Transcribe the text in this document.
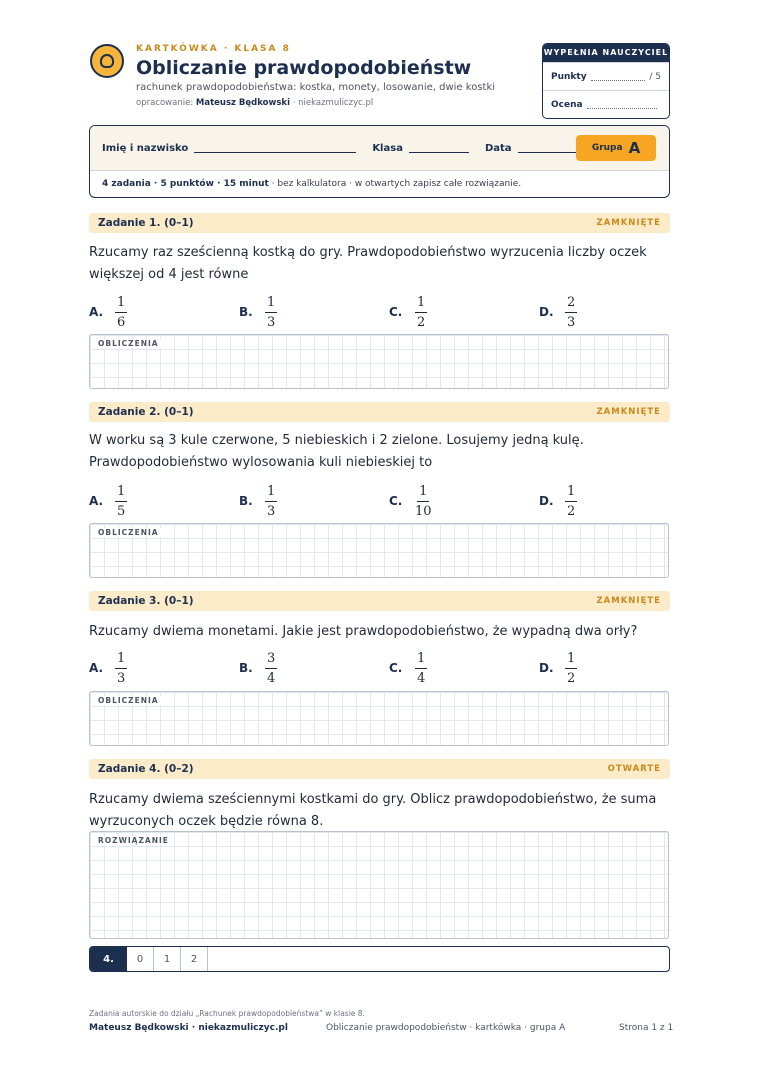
KARTKÓWKA · KLASA 8
Obliczanie prawdopodobieństw
rachunek prawdopodobieństwa: kostka, monety, losowanie, dwie kostki
opracowanie: Mateusz Będkowski · niekazmuliczyc.pl
WYPEŁNIA NAUCZYCIEL
Punkty	/ 5
Ocena
Imię i nazwisko	Klasa	Data	Grupa A
4 zadania · 5 punktów · 15 minut · bez kalkulatora · w otwartych zapisz całe rozwiązanie.
Zadanie 1. (0–1)	ZAMKNIĘTE
Rzucamy raz sześcienną kostką do gry. Prawdopodobieństwo wyrzucenia liczby oczek większej od 4 jest równe
A. $\frac{1}{6}$	B. $\frac{1}{3}$	C. $\frac{1}{2}$	D. $\frac{2}{3}$
OBLICZENIA
Zadanie 2. (0–1)	ZAMKNIĘTE
W worku są 3 kule czerwone, 5 niebieskich i 2 zielone. Losujemy jedną kulę. Prawdopodobieństwo wylosowania kuli niebieskiej to
A. $\frac{1}{5}$	B. $\frac{1}{3}$	C. $\frac{1}{10}$	D. $\frac{1}{2}$
OBLICZENIA
Zadanie 3. (0–1)	ZAMKNIĘTE
Rzucamy dwiema monetami. Jakie jest prawdopodobieństwo, że wypadną dwa orły?
A. $\frac{1}{3}$	B. $\frac{3}{4}$	C. $\frac{1}{4}$	D. $\frac{1}{2}$
OBLICZENIA
Zadanie 4. (0–2)	OTWARTE
Rzucamy dwiema sześciennymi kostkami do gry. Oblicz prawdopodobieństwo, że suma wyrzuconych oczek będzie równa 8.
ROZWIĄZANIE
4.	0	1	2
Zadania autorskie do działu „Rachunek prawdopodobieństwa” w klasie 8.
Mateusz Będkowski · niekazmuliczyc.pl	Obliczanie prawdopodobieństw · kartkówka · grupa A	Strona 1 z 1
